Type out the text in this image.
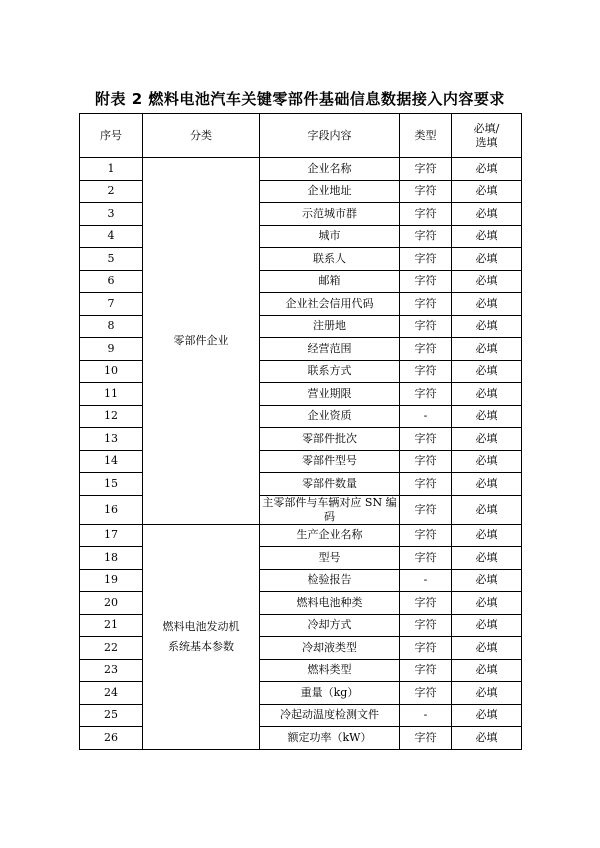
附表 2 燃料电池汽车关键零部件基础信息数据接入内容要求
序号	分类	字段内容	类型	必填/
选填
1	零部件企业	企业名称	字符	必填
2		企业地址	字符	必填
3		示范城市群	字符	必填
4		城市	字符	必填
5		联系人	字符	必填
6		邮箱	字符	必填
7		企业社会信用代码	字符	必填
8		注册地	字符	必填
9		经营范围	字符	必填
10		联系方式	字符	必填
11		营业期限	字符	必填
12		企业资质	-	必填
13		零部件批次	字符	必填
14		零部件型号	字符	必填
15		零部件数量	字符	必填
16		主零部件与车辆对应 SN 编码	字符	必填
17	燃料电池发动机
系统基本参数	生产企业名称	字符	必填
18		型号	字符	必填
19		检验报告	-	必填
20		燃料电池种类	字符	必填
21		冷却方式	字符	必填
22		冷却液类型	字符	必填
23		燃料类型	字符	必填
24		重量（kg）	字符	必填
25		冷起动温度检测文件	-	必填
26		额定功率（kW）	字符	必填
